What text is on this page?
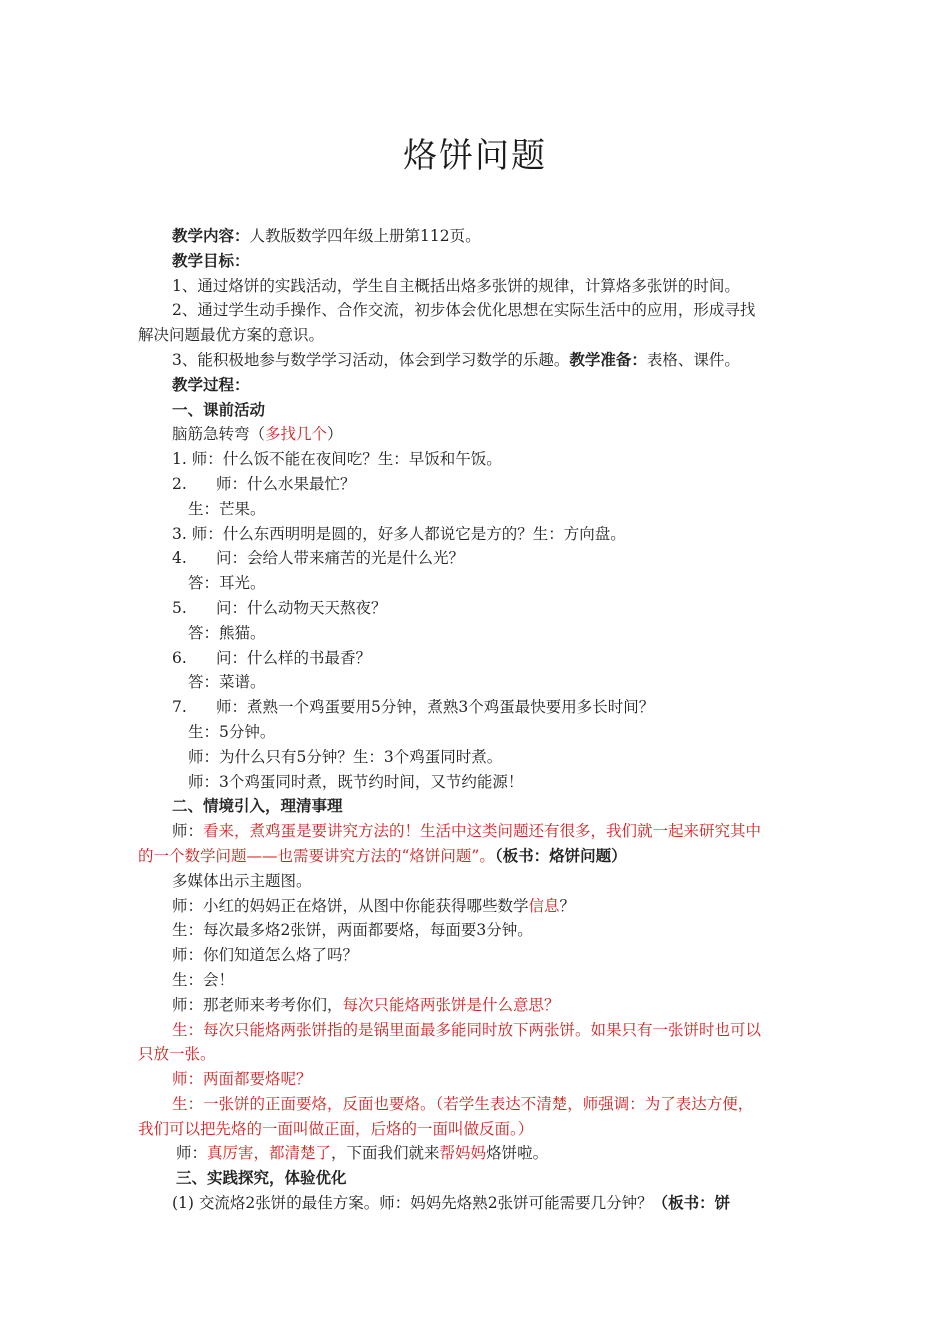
烙饼问题
教学内容：人教版数学四年级上册第112页。
教学目标：
1、通过烙饼的实践活动，学生自主概括出烙多张饼的规律，计算烙多张饼的时间。
2、通过学生动手操作、合作交流，初步体会优化思想在实际生活中的应用，形成寻找
解决问题最优方案的意识。
3、能积极地参与数学学习活动，体会到学习数学的乐趣。教学准备：表格、课件。
教学过程：
一、课前活动
脑筋急转弯（多找几个）
1. 师：什么饭不能在夜间吃？生：早饭和午饭。
2. 师：什么水果最忙？
生：芒果。
3. 师：什么东西明明是圆的，好多人都说它是方的？生：方向盘。
4. 问：会给人带来痛苦的光是什么光？
答：耳光。
5. 问：什么动物天天熬夜？
答：熊猫。
6. 问：什么样的书最香？
答：菜谱。
7. 师：煮熟一个鸡蛋要用5分钟，煮熟3个鸡蛋最快要用多长时间？
生：5分钟。
师：为什么只有5分钟？生：3个鸡蛋同时煮。
师：3个鸡蛋同时煮，既节约时间，又节约能源！
二、情境引入，理清事理
师：看来，煮鸡蛋是要讲究方法的！生活中这类问题还有很多，我们就一起来研究其中
的一个数学问题——也需要讲究方法的“烙饼问题”。（板书：烙饼问题）
多媒体出示主题图。
师：小红的妈妈正在烙饼，从图中你能获得哪些数学信息？
生：每次最多烙2张饼，两面都要烙，每面要3分钟。
师：你们知道怎么烙了吗？
生：会！
师：那老师来考考你们，每次只能烙两张饼是什么意思？
生：每次只能烙两张饼指的是锅里面最多能同时放下两张饼。如果只有一张饼时也可以
只放一张。
师：两面都要烙呢？
生：一张饼的正面要烙，反面也要烙。（若学生表达不清楚，师强调：为了表达方便，
我们可以把先烙的一面叫做正面，后烙的一面叫做反面。）
师：真厉害，都清楚了，下面我们就来帮妈妈烙饼啦。
三、实践探究，体验优化
(1) 交流烙2张饼的最佳方案。师：妈妈先烙熟2张饼可能需要几分钟？（板书：饼
